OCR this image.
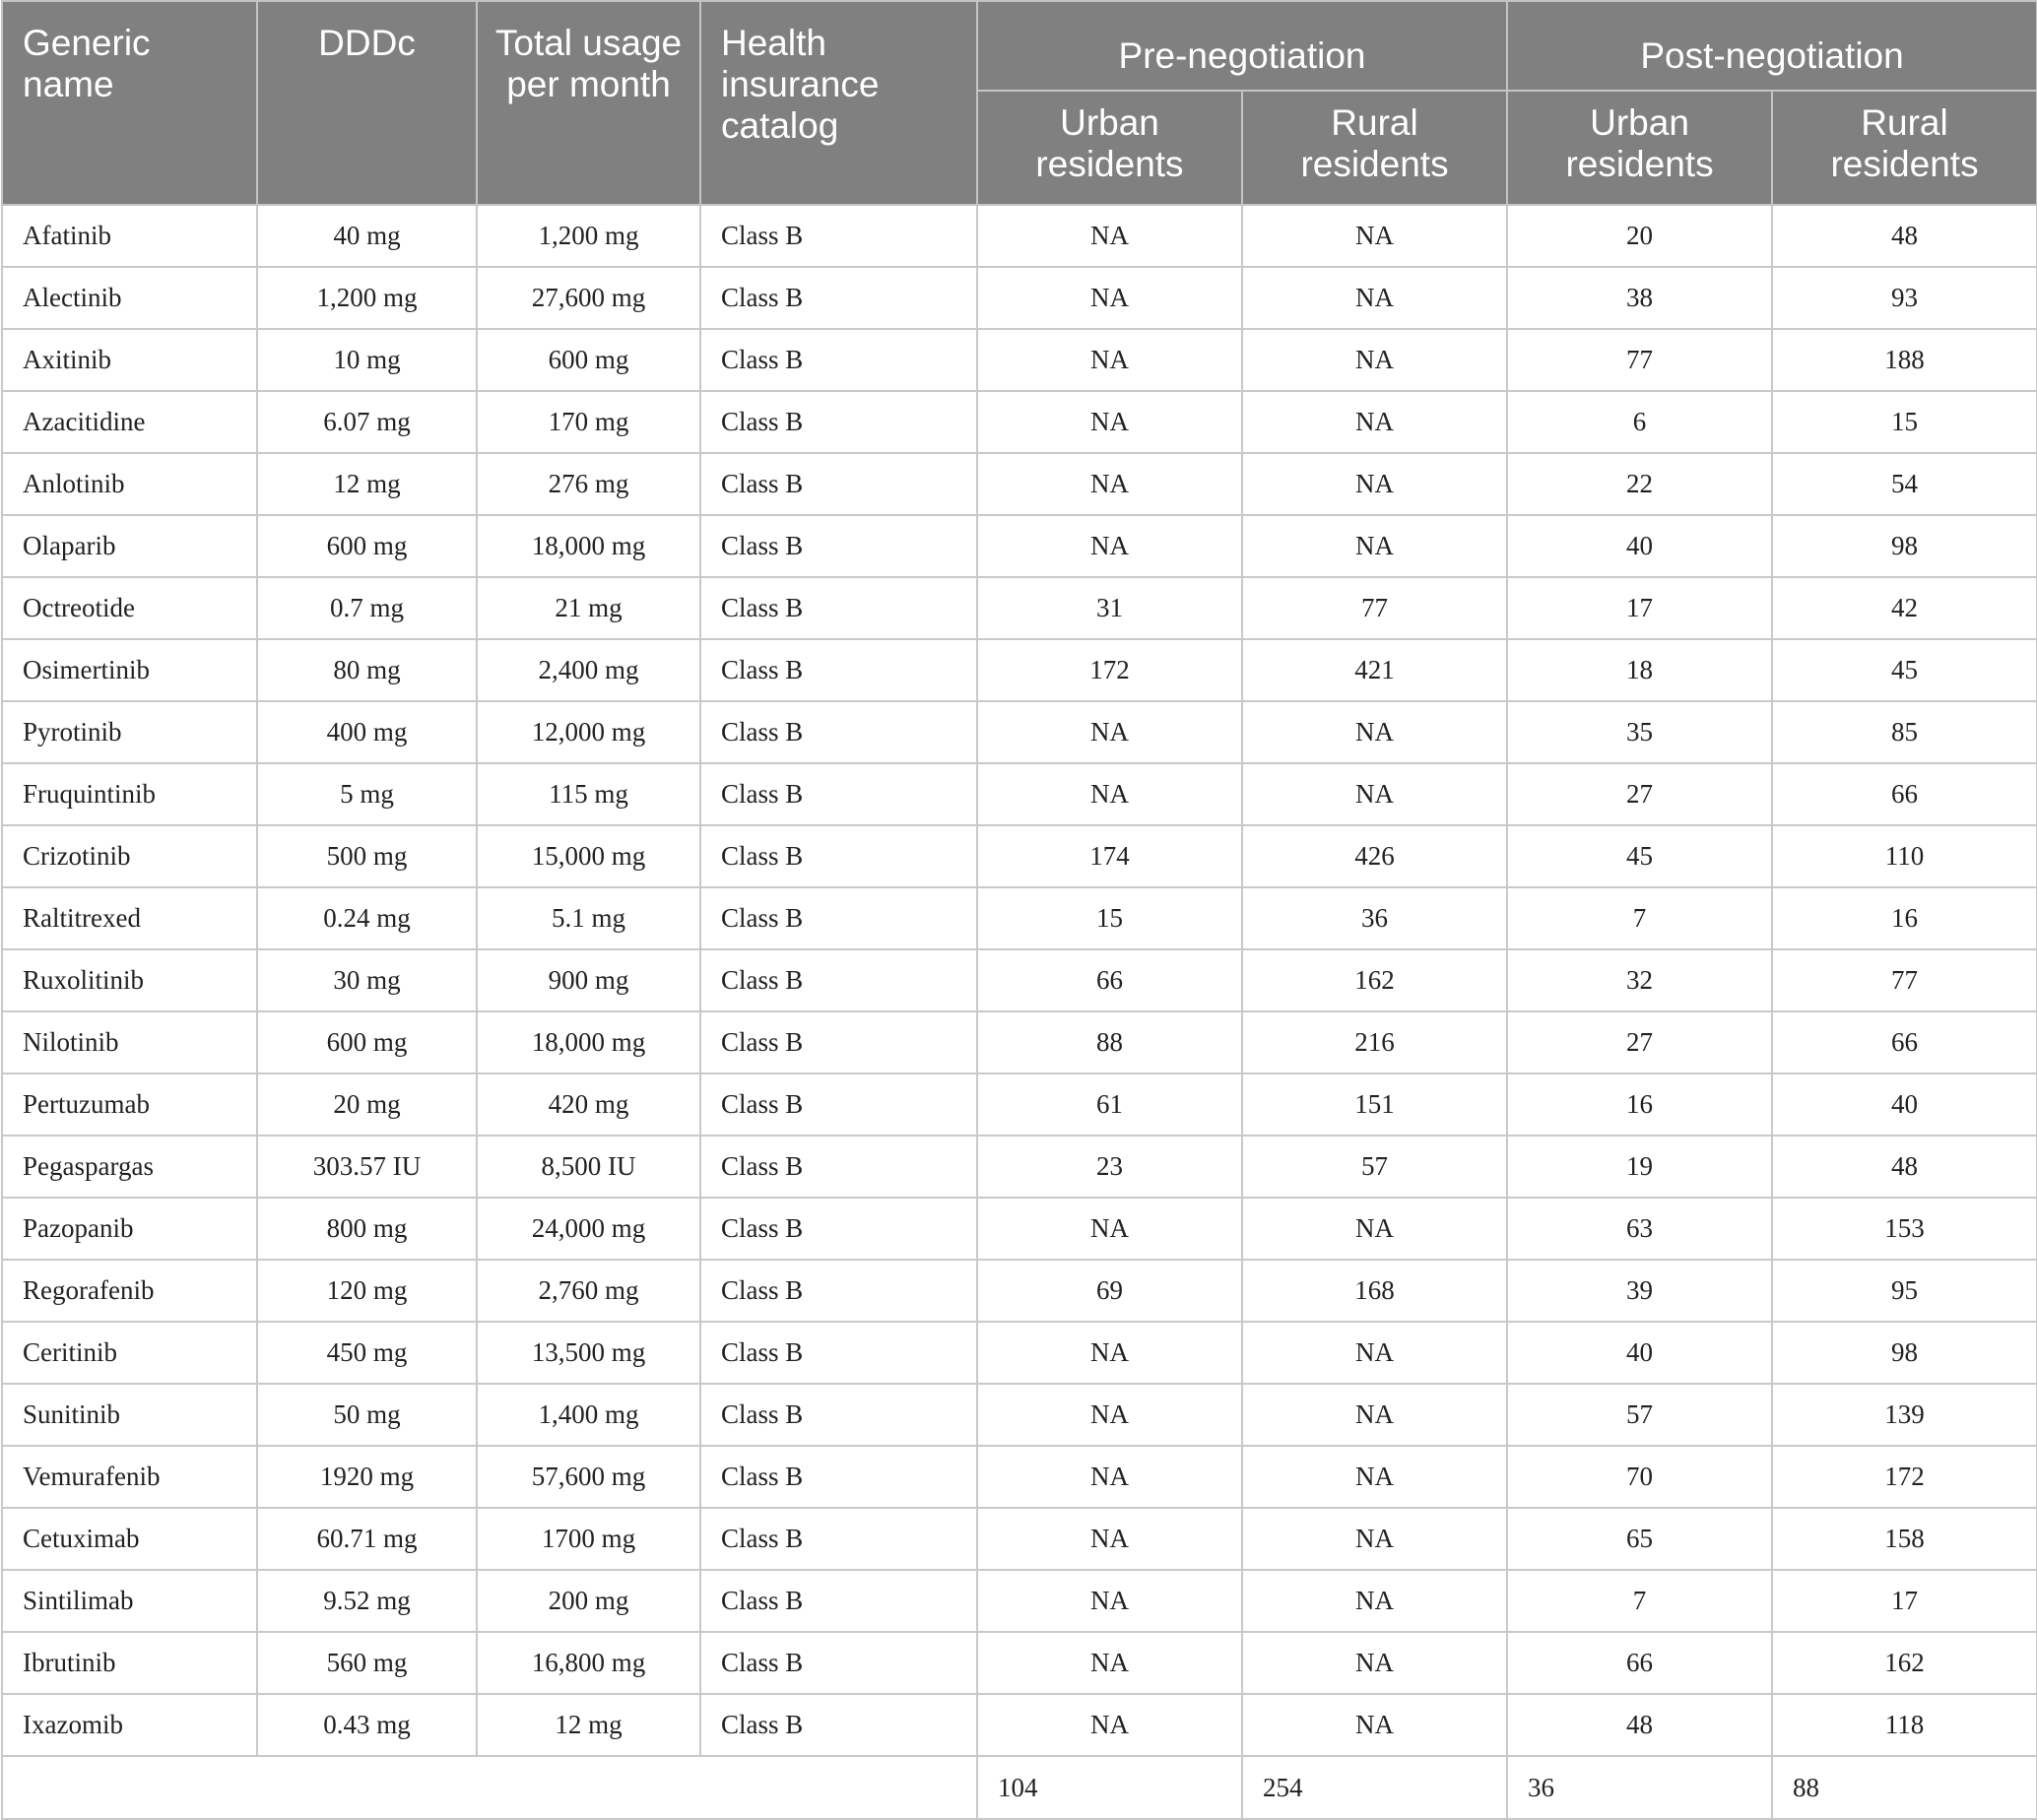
Generic name	DDDc	Total usage per month	Health insurance catalog	Pre-negotiation		Post-negotiation	
				Urban residents	Rural residents	Urban residents	Rural residents
Afatinib	40 mg	1,200 mg	Class B	NA	NA	20	48
Alectinib	1,200 mg	27,600 mg	Class B	NA	NA	38	93
Axitinib	10 mg	600 mg	Class B	NA	NA	77	188
Azacitidine	6.07 mg	170 mg	Class B	NA	NA	6	15
Anlotinib	12 mg	276 mg	Class B	NA	NA	22	54
Olaparib	600 mg	18,000 mg	Class B	NA	NA	40	98
Octreotide	0.7 mg	21 mg	Class B	31	77	17	42
Osimertinib	80 mg	2,400 mg	Class B	172	421	18	45
Pyrotinib	400 mg	12,000 mg	Class B	NA	NA	35	85
Fruquintinib	5 mg	115 mg	Class B	NA	NA	27	66
Crizotinib	500 mg	15,000 mg	Class B	174	426	45	110
Raltitrexed	0.24 mg	5.1 mg	Class B	15	36	7	16
Ruxolitinib	30 mg	900 mg	Class B	66	162	32	77
Nilotinib	600 mg	18,000 mg	Class B	88	216	27	66
Pertuzumab	20 mg	420 mg	Class B	61	151	16	40
Pegaspargas	303.57 IU	8,500 IU	Class B	23	57	19	48
Pazopanib	800 mg	24,000 mg	Class B	NA	NA	63	153
Regorafenib	120 mg	2,760 mg	Class B	69	168	39	95
Ceritinib	450 mg	13,500 mg	Class B	NA	NA	40	98
Sunitinib	50 mg	1,400 mg	Class B	NA	NA	57	139
Vemurafenib	1920 mg	57,600 mg	Class B	NA	NA	70	172
Cetuximab	60.71 mg	1700 mg	Class B	NA	NA	65	158
Sintilimab	9.52 mg	200 mg	Class B	NA	NA	7	17
Ibrutinib	560 mg	16,800 mg	Class B	NA	NA	66	162
Ixazomib	0.43 mg	12 mg	Class B	NA	NA	48	118
				104	254	36	88
